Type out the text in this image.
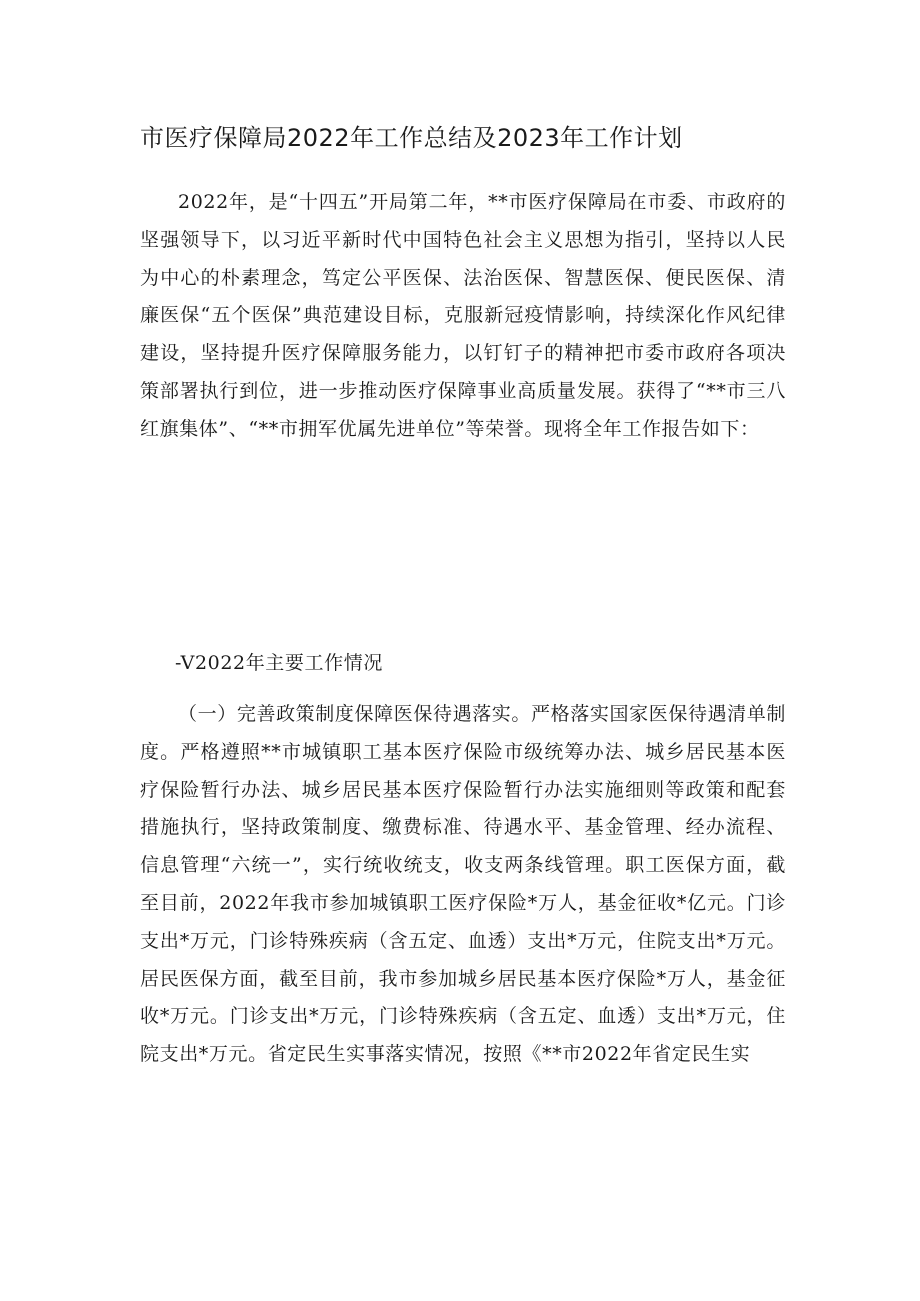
市医疗保障局2022年工作总结及2023年工作计划

2022年，是“十四五”开局第二年，**市医疗保障局在市委、市政府的坚强领导下，以习近平新时代中国特色社会主义思想为指引，坚持以人民为中心的朴素理念，笃定公平医保、法治医保、智慧医保、便民医保、清廉医保“五个医保”典范建设目标，克服新冠疫情影响，持续深化作风纪律建设，坚持提升医疗保障服务能力，以钉钉子的精神把市委市政府各项决策部署执行到位，进一步推动医疗保障事业高质量发展。获得了“**市三八红旗集体”、“**市拥军优属先进单位”等荣誉。现将全年工作报告如下：

-V2022年主要工作情况

（一）完善政策制度保障医保待遇落实。严格落实国家医保待遇清单制度。严格遵照**市城镇职工基本医疗保险市级统筹办法、城乡居民基本医疗保险暂行办法、城乡居民基本医疗保险暂行办法实施细则等政策和配套措施执行，坚持政策制度、缴费标准、待遇水平、基金管理、经办流程、信息管理“六统一”，实行统收统支，收支两条线管理。职工医保方面，截至目前，2022年我市参加城镇职工医疗保险*万人，基金征收*亿元。门诊支出*万元，门诊特殊疾病（含五定、血透）支出*万元，住院支出*万元。居民医保方面，截至目前，我市参加城乡居民基本医疗保险*万人，基金征收*万元。门诊支出*万元，门诊特殊疾病（含五定、血透）支出*万元，住院支出*万元。省定民生实事落实情况，按照《**市2022年省定民生实
